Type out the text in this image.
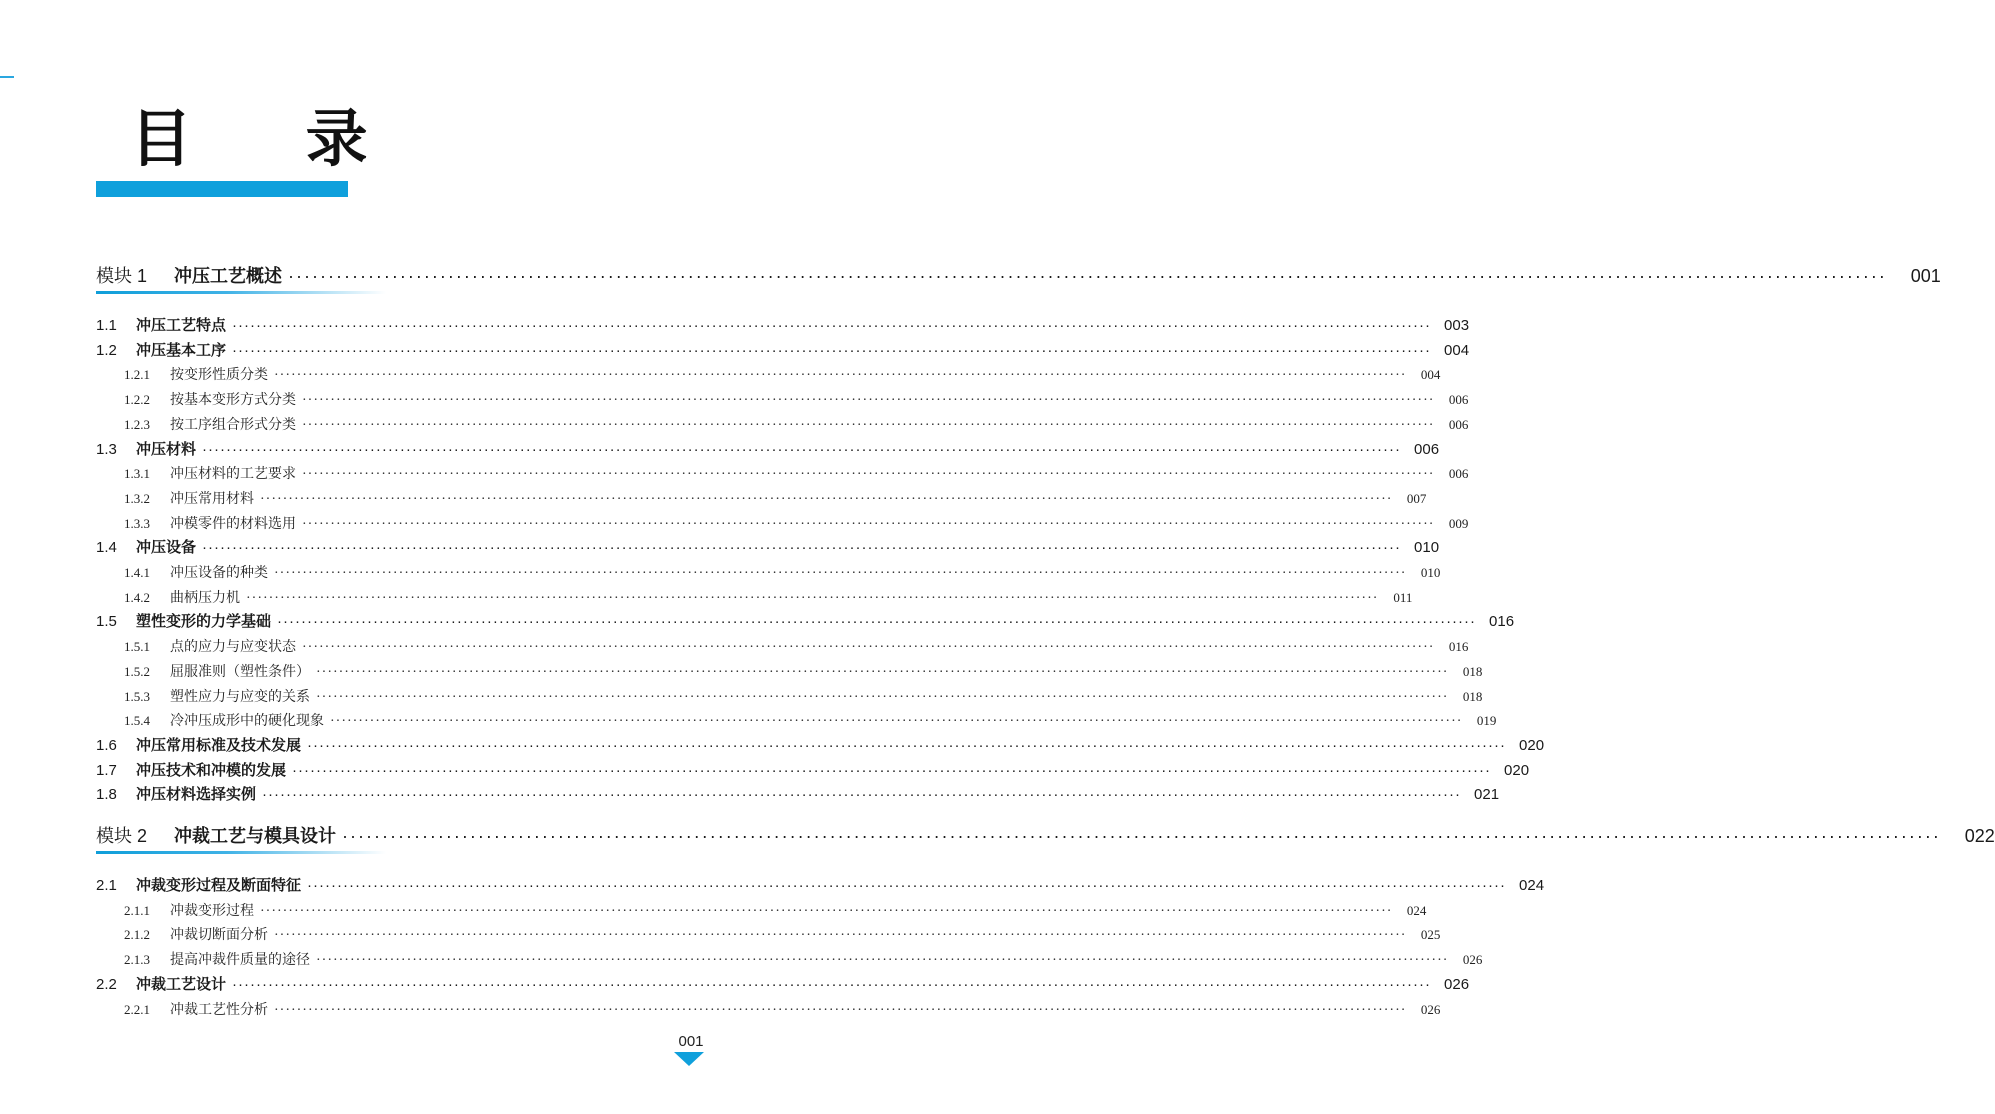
目 录
模块 1	冲压工艺概述 ········································································································································································································	001
1.1	冲压工艺特点 ········································································································································································································ 003
1.2	冲压基本工序 ········································································································································································································ 004
1.2.1	按变形性质分类 ········································································································································································································	004
1.2.2	按基本变形方式分类 ········································································································································································································	006
1.2.3	按工序组合形式分类 ········································································································································································································	006
1.3	冲压材料 ········································································································································································································ 006
1.3.1	冲压材料的工艺要求 ········································································································································································································	006
1.3.2	冲压常用材料 ········································································································································································································	007
1.3.3	冲模零件的材料选用 ········································································································································································································	009
1.4	冲压设备 ········································································································································································································ 010
1.4.1	冲压设备的种类 ········································································································································································································	010
1.4.2	曲柄压力机 ········································································································································································································	011
1.5	塑性变形的力学基础 ········································································································································································································ 016
1.5.1	点的应力与应变状态 ········································································································································································································	016
1.5.2	屈服准则（塑性条件） ········································································································································································································	018
1.5.3	塑性应力与应变的关系 ········································································································································································································	018
1.5.4	冷冲压成形中的硬化现象 ········································································································································································································	019
1.6	冲压常用标准及技术发展 ········································································································································································································ 020
1.7	冲压技术和冲模的发展 ········································································································································································································ 020
1.8	冲压材料选择实例 ········································································································································································································ 021
模块 2	冲裁工艺与模具设计 ········································································································································································································	022
2.1	冲裁变形过程及断面特征 ········································································································································································································ 024
2.1.1	冲裁变形过程 ········································································································································································································	024
2.1.2	冲裁切断面分析 ········································································································································································································	025
2.1.3	提高冲裁件质量的途径 ········································································································································································································	026
2.2	冲裁工艺设计 ········································································································································································································ 026
2.2.1	冲裁工艺性分析 ········································································································································································································	026
001
